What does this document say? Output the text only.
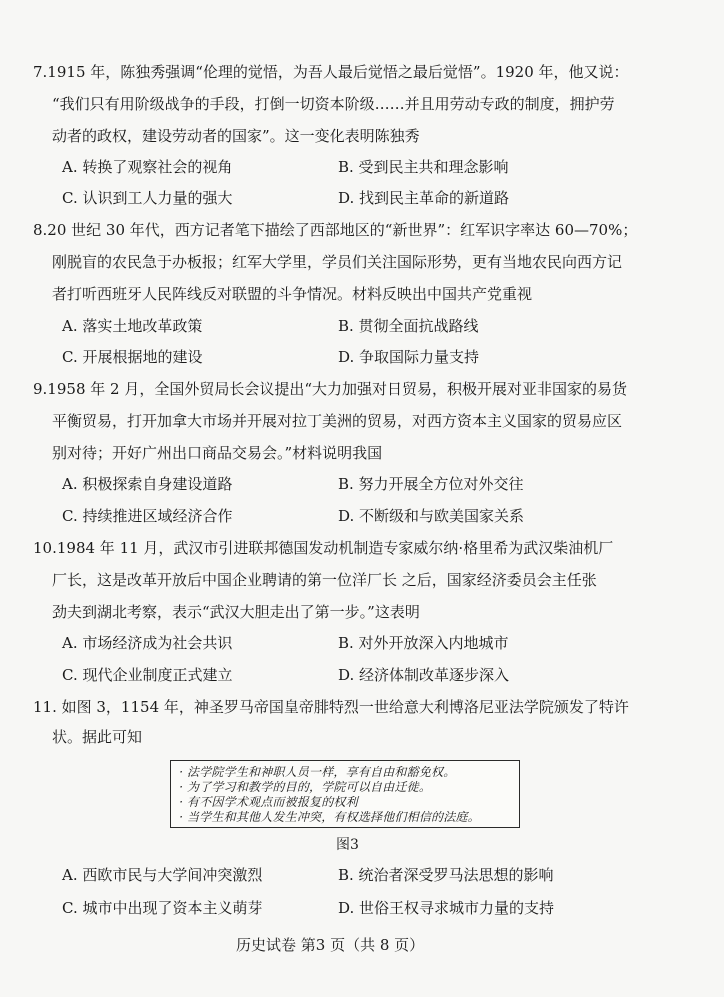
7.1915 年，陈独秀强调“伦理的觉悟，为吾人最后觉悟之最后觉悟”。1920 年，他又说：
“我们只有用阶级战争的手段，打倒一切资本阶级……并且用劳动专政的制度，拥护劳
动者的政权，建设劳动者的国家”。这一变化表明陈独秀
A. 转换了观察社会的视角	B. 受到民主共和理念影响
C. 认识到工人力量的强大	D. 找到民主革命的新道路
8.20 世纪 30 年代，西方记者笔下描绘了西部地区的“新世界”：红军识字率达 60—70%；
刚脱盲的农民急于办板报；红军大学里，学员们关注国际形势，更有当地农民向西方记
者打听西班牙人民阵线反对联盟的斗争情况。材料反映出中国共产党重视
A. 落实土地改革政策	B. 贯彻全面抗战路线
C. 开展根据地的建设	D. 争取国际力量支持
9.1958 年 2 月，全国外贸局长会议提出“大力加强对日贸易，积极开展对亚非国家的易货
平衡贸易，打开加拿大市场并开展对拉丁美洲的贸易，对西方资本主义国家的贸易应区
别对待；开好广州出口商品交易会。”材料说明我国
A. 积极探索自身建设道路	B. 努力开展全方位对外交往
C. 持续推进区域经济合作	D. 不断级和与欧美国家关系
10.1984 年 11 月，武汉市引进联邦德国发动机制造专家威尔纳·格里希为武汉柴油机厂
厂长，这是改革开放后中国企业聘请的第一位洋厂长 之后，国家经济委员会主任张
劲夫到湖北考察，表示“武汉大胆走出了第一步。”这表明
A. 市场经济成为社会共识	B. 对外开放深入内地城市
C. 现代企业制度正式建立	D. 经济体制改革逐步深入
11. 如图 3，1154 年，神圣罗马帝国皇帝腓特烈一世给意大利博洛尼亚法学院颁发了特许
状。据此可知
· 法学院学生和神职人员一样，享有自由和豁免权。
· 为了学习和教学的目的，学院可以自由迁徙。
· 有不因学术观点而被报复的权利
· 当学生和其他人发生冲突，有权选择他们相信的法庭。
图3
A. 西欧市民与大学间冲突激烈	B. 统治者深受罗马法思想的影响
C. 城市中出现了资本主义萌芽	D. 世俗王权寻求城市力量的支持
历史试卷 第3 页（共 8 页）
